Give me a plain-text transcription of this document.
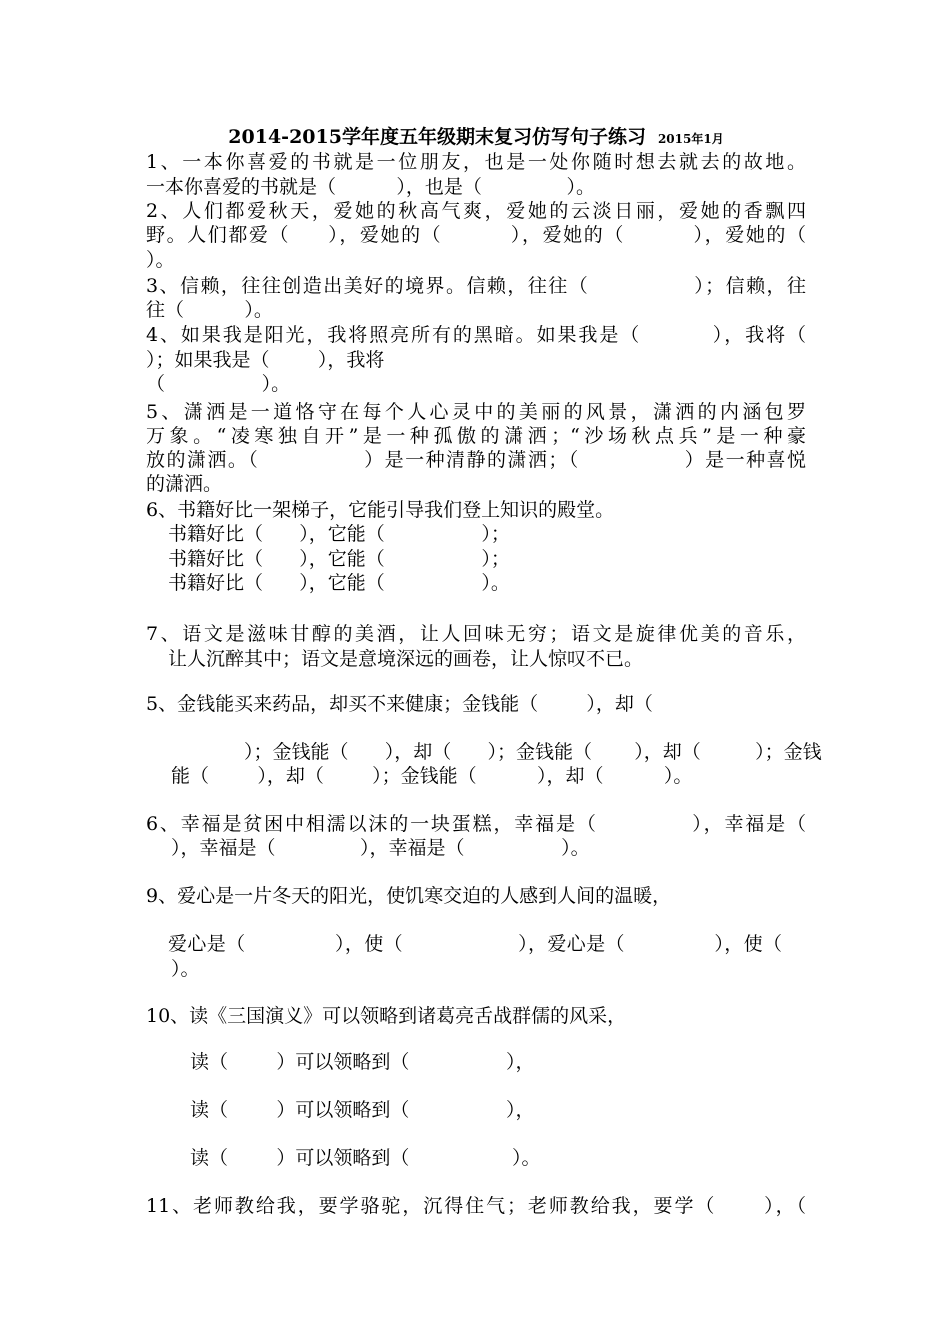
2014-2015学年度五年级期末复习仿写句子练习 2015年1月
1、一本你喜爱的书就是一位朋友，也是一处你随时想去就去的故地。
一本你喜爱的书就是（          ），也是（              ）。
2、人们都爱秋天，爱她的秋高气爽，爱她的云淡日丽，爱她的香飘四
野。人们都爱（     ），爱她的（         ），爱她的（         ），爱她的（
）。
3、信赖，往往创造出美好的境界。信赖，往往（              ）；信赖，往
往（          ）。
4、如果我是阳光，我将照亮所有的黑暗。如果我是（         ），我将（
）；如果我是（        ），我将
（                ）。
5、潇洒是一道恪守在每个人心灵中的美丽的风景，潇洒的内涵包罗
万象。“凌寒独自开”是一种孤傲的潇洒；“沙场秋点兵”是一种豪
放的潇洒。（              ）是一种清静的潇洒；（              ）是一种喜悦
的潇洒。
6、书籍好比一架梯子，它能引导我们登上知识的殿堂。
书籍好比（      ），它能（                ）；
书籍好比（      ），它能（                ）；
书籍好比（      ），它能（                ）。
7、语文是滋味甘醇的美酒，让人回味无穷；语文是旋律优美的音乐，
让人沉醉其中；语文是意境深远的画卷，让人惊叹不已。
5、金钱能买来药品，却买不来健康；金钱能（        ），却（
）；金钱能（      ），却（      ）；金钱能（       ），却（         ）；金钱
能（        ），却（        ）；金钱能（          ），却（          ）。
6、幸福是贫困中相濡以沫的一块蛋糕，幸福是（            ），幸福是（
），幸福是（              ），幸福是（                ）。
9、爱心是一片冬天的阳光，使饥寒交迫的人感到人间的温暖，
爱心是（              ），使（                  ），爱心是（              ），使（
）。
10、读《三国演义》可以领略到诸葛亮舌战群儒的风采，
读（        ）可以领略到（                ），
读（        ）可以领略到（                ），
读（        ）可以领略到（                 ）。
11、老师教给我，要学骆驼，沉得住气；老师教给我，要学（      ），（
